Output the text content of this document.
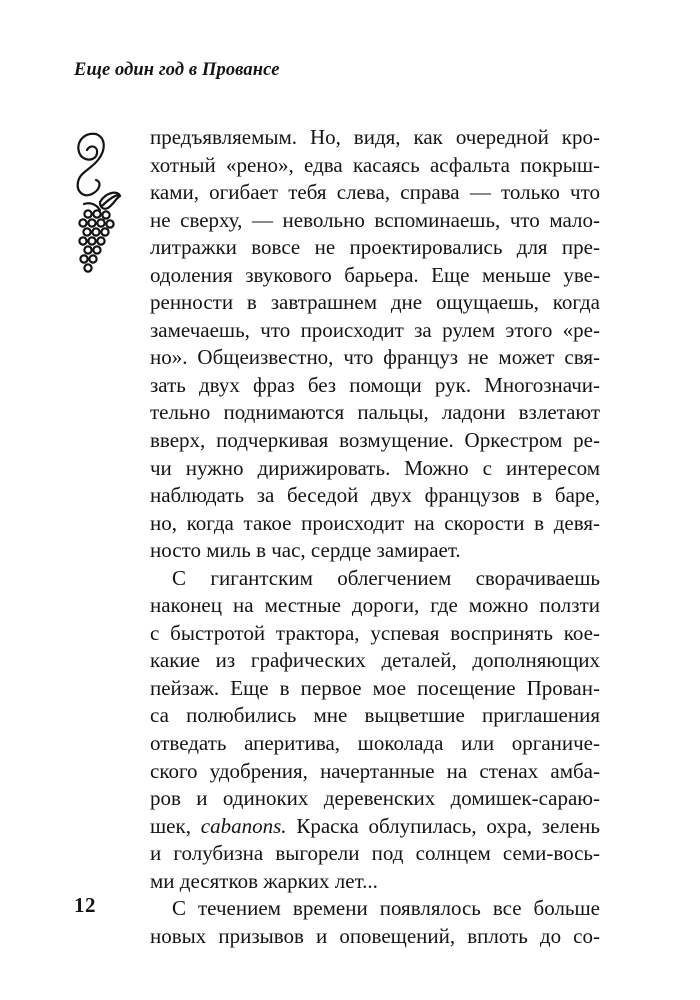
Еще один год в Провансе
предъявляемым. Но, видя, как очередной кро-
хотный «рено», едва касаясь асфальта покрыш-
ками, огибает тебя слева, справа — только что
не сверху, — невольно вспоминаешь, что мало-
литражки вовсе не проектировались для пре-
одоления звукового барьера. Еще меньше уве-
ренности в завтрашнем дне ощущаешь, когда
замечаешь, что происходит за рулем этого «ре-
но». Общеизвестно, что француз не может свя-
зать двух фраз без помощи рук. Многозначи-
тельно поднимаются пальцы, ладони взлетают
вверх, подчеркивая возмущение. Оркестром ре-
чи нужно дирижировать. Можно с интересом
наблюдать за беседой двух французов в баре,
но, когда такое происходит на скорости в девя-
носто миль в час, сердце замирает.
С гигантским облегчением сворачиваешь
наконец на местные дороги, где можно ползти
с быстротой трактора, успевая воспринять кое-
какие из графических деталей, дополняющих
пейзаж. Еще в первое мое посещение Прован-
са полюбились мне выцветшие приглашения
отведать аперитива, шоколада или органиче-
ского удобрения, начертанные на стенах амба-
ров и одиноких деревенских домишек-сараю-
шек, cabanons. Краска облупилась, охра, зелень
и голубизна выгорели под солнцем семи-вось-
ми десятков жарких лет...
С течением времени появлялось все больше
новых призывов и оповещений, вплоть до со-
12
